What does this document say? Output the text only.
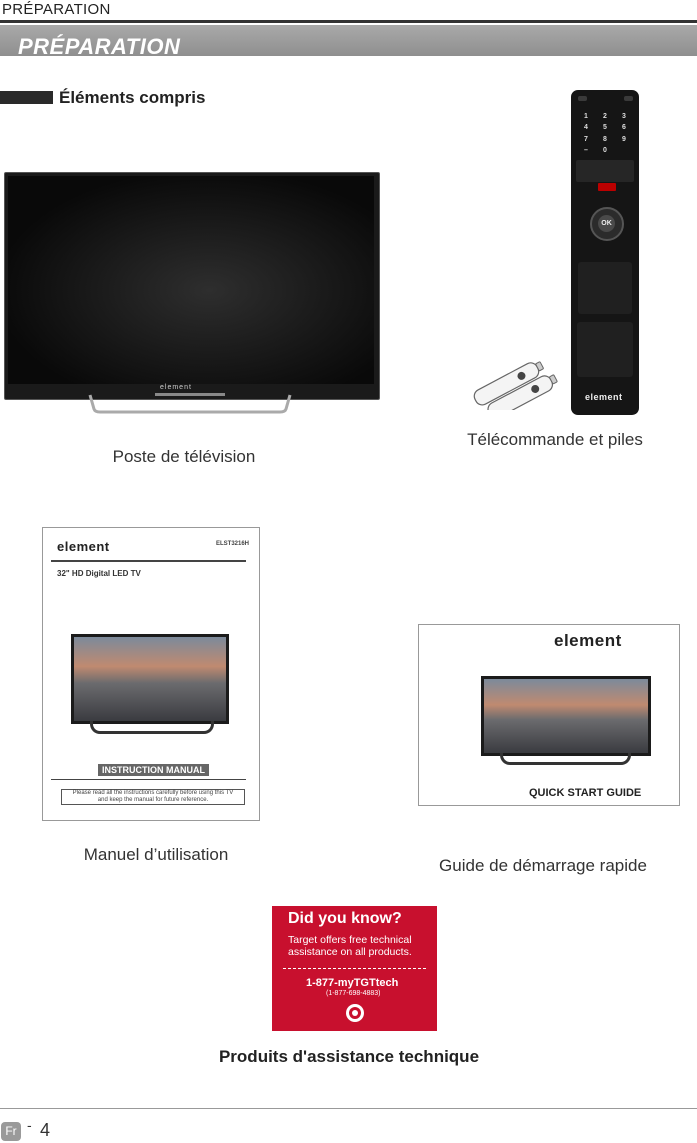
PRÉPARATION
PRÉPARATION
Éléments compris
element
Poste de télévision
1 2 3
4 5 6
7 8 9
– 0
OK
element
Télécommande et piles
element	ELST3216H
32" HD Digital LED TV
INSTRUCTION MANUAL
Please read all the instructions carefully before using this TV
and keep the manual for future reference.
Manuel d’utilisation
element
QUICK START GUIDE
Guide de démarrage rapide
Did you know?
Target offers free technical
assistance on all products.
1-877-myTGTtech
(1-877-698-4883)
Produits d'assistance technique
Fr - 4
